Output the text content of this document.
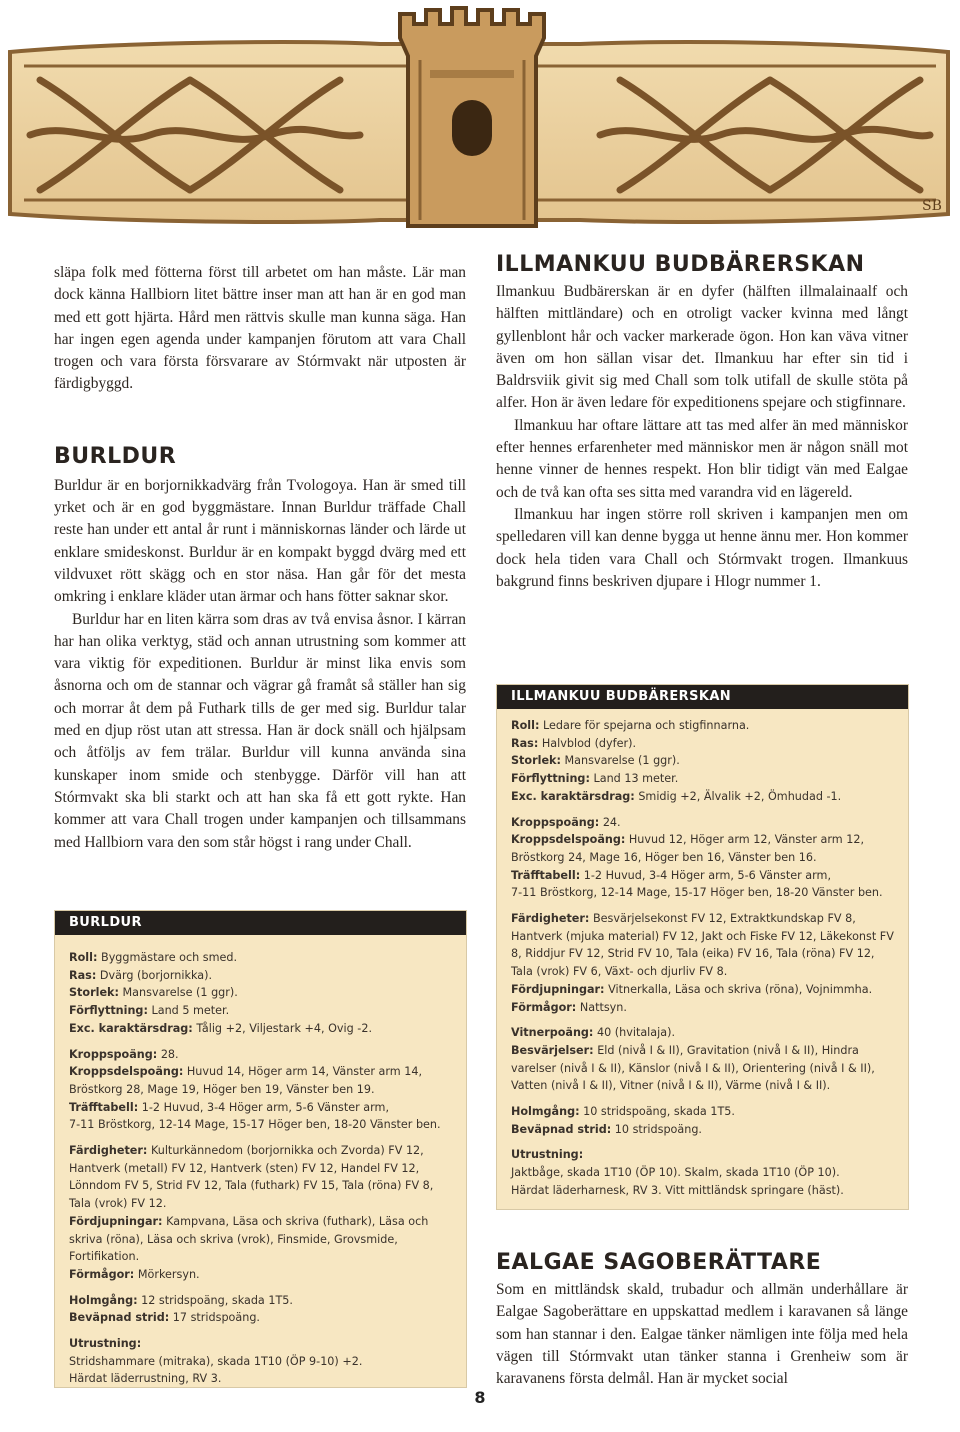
SB

släpa folk med fötterna först till arbetet om han måste. Lär man dock känna Hallbiorn litet bättre inser man att han är en god man med ett gott hjärta. Hård men rättvis skulle man kunna säga. Han har ingen egen agenda under kampanjen förutom att vara Chall trogen och vara första försvarare av Stórmvakt när utposten är färdigbyggd.

BURLDUR

Burldur är en borjornikkadvärg från Tvologoya. Han är smed till yrket och är en god byggmästare. Innan Burldur träffade Chall reste han under ett antal år runt i människornas länder och lärde ut enklare smideskonst. Burldur är en kompakt byggd dvärg med ett vildvuxet rött skägg och en stor näsa. Han går för det mesta omkring i enklare kläder utan ärmar och hans fötter saknar skor.

Burldur har en liten kärra som dras av två envisa åsnor. I kärran har han olika verktyg, städ och annan utrustning som kommer att vara viktig för expeditionen. Burldur är minst lika envis som åsnorna och om de stannar och vägrar gå framåt så ställer han sig och morrar åt dem på Futhark tills de ger med sig. Burldur talar med en djup röst utan att stressa. Han är dock snäll och hjälpsam och åtföljs av fem trälar. Burldur vill kunna använda sina kunskaper inom smide och stenbygge. Därför vill han att Stórmvakt ska bli starkt och att han ska få ett gott rykte. Han kommer att vara Chall trogen under kampanjen och tillsammans med Hallbiorn vara den som står högst i rang under Chall.

BURLDUR
Roll: Byggmästare och smed.
Ras: Dvärg (borjornikka).
Storlek: Mansvarelse (1 ggr).
Förflyttning: Land 5 meter.
Exc. karaktärsdrag: Tålig +2, Viljestark +4, Ovig -2.
Kroppspoäng: 28.
Kroppsdelspoäng: Huvud 14, Höger arm 14, Vänster arm 14,
Bröstkorg 28, Mage 19, Höger ben 19, Vänster ben 19.
Träfftabell: 1-2 Huvud, 3-4 Höger arm, 5-6 Vänster arm,
7-11 Bröstkorg, 12-14 Mage, 15-17 Höger ben, 18-20 Vänster ben.
Färdigheter: Kulturkännedom (borjornikka och Zvorda) FV 12, Hantverk (metall) FV 12, Hantverk (sten) FV 12, Handel FV 12, Lönndom FV 5, Strid FV 12, Tala (futhark) FV 15, Tala (röna) FV 8, Tala (vrok) FV 12.
Fördjupningar: Kampvana, Läsa och skriva (futhark), Läsa och skriva (röna), Läsa och skriva (vrok), Finsmide, Grovsmide, Fortifikation.
Förmågor: Mörkersyn.
Holmgång: 12 stridspoäng, skada 1T5.
Beväpnad strid: 17 stridspoäng.
Utrustning:
Stridshammare (mitraka), skada 1T10 (ÖP 9-10) +2.
Härdat läderrustning, RV 3.
ILLMANKUU BUDBÄRERSKAN

Ilmankuu Budbärerskan är en dyfer (hälften illmalainaalf och hälften mittländare) och en otroligt vacker kvinna med långt gyllenblont hår och vacker markerade ögon. Hon kan väva vitner även om hon sällan visar det. Ilmankuu har efter sin tid i Baldrsviik givit sig med Chall som tolk utifall de skulle stöta på alfer. Hon är även ledare för expeditionens spejare och stigfinnare.

Ilmankuu har oftare lättare att tas med alfer än med människor efter hennes erfarenheter med människor men är någon snäll mot henne vinner de hennes respekt. Hon blir tidigt vän med Ealgae och de två kan ofta ses sitta med varandra vid en lägereld.

Ilmankuu har ingen större roll skriven i kampanjen men om spelledaren vill kan denne bygga ut henne ännu mer. Hon kommer dock hela tiden vara Chall och Stórmvakt trogen. Ilmankuus bakgrund finns beskriven djupare i Hlogr nummer 1.

ILLMANKUU BUDBÄRERSKAN
Roll: Ledare för spejarna och stigfinnarna.
Ras: Halvblod (dyfer).
Storlek: Mansvarelse (1 ggr).
Förflyttning: Land 13 meter.
Exc. karaktärsdrag: Smidig +2, Älvalik +2, Ömhudad -1.
Kroppspoäng: 24.
Kroppsdelspoäng: Huvud 12, Höger arm 12, Vänster arm 12,
Bröstkorg 24, Mage 16, Höger ben 16, Vänster ben 16.
Träfftabell: 1-2 Huvud, 3-4 Höger arm, 5-6 Vänster arm,
7-11 Bröstkorg, 12-14 Mage, 15-17 Höger ben, 18-20 Vänster ben.
Färdigheter: Besvärjelsekonst FV 12, Extraktkundskap FV 8, Hantverk (mjuka material) FV 12, Jakt och Fiske FV 12, Läkekonst FV 8, Riddjur FV 12, Strid FV 10, Tala (eika) FV 16, Tala (röna) FV 12, Tala (vrok) FV 6, Växt- och djurliv FV 8.
Fördjupningar: Vitnerkalla, Läsa och skriva (röna), Vojnimmha.
Förmågor: Nattsyn.
Vitnerpoäng: 40 (hvitalaja).
Besvärjelser: Eld (nivå I & II), Gravitation (nivå I & II), Hindra varelser (nivå I & II), Känslor (nivå I & II), Orientering (nivå I & II), Vatten (nivå I & II), Vitner (nivå I & II), Värme (nivå I & II).
Holmgång: 10 stridspoäng, skada 1T5.
Beväpnad strid: 10 stridspoäng.
Utrustning:
Jaktbåge, skada 1T10 (ÖP 10). Skalm, skada 1T10 (ÖP 10).
Härdat läderharnesk, RV 3. Vitt mittländsk springare (häst).
EALGAE SAGOBERÄTTARE

Som en mittländsk skald, trubadur och allmän underhållare är Ealgae Sagoberättare en uppskattad medlem i karavanen så länge som han stannar i den. Ealgae tänker nämligen inte följa med hela vägen till Stórmvakt utan tänker stanna i Grenheiw som är karavanens första delmål. Han är mycket social

8
